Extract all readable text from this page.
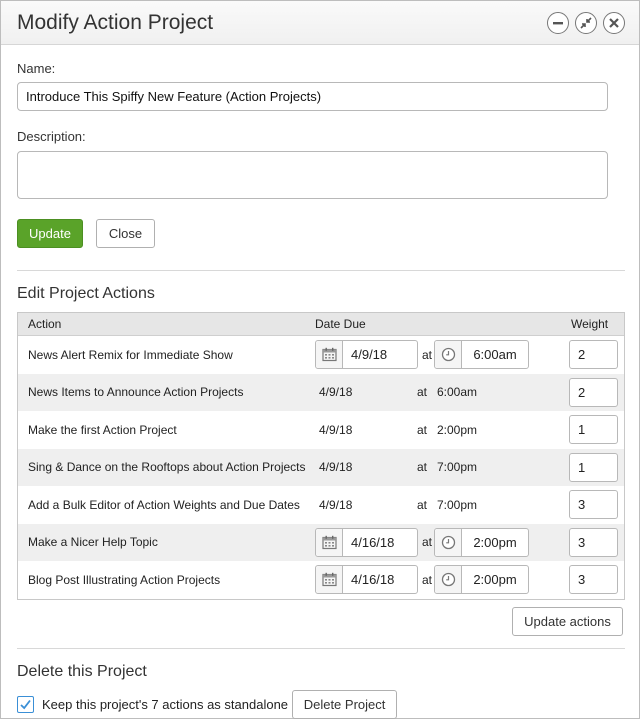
Modify Action Project
Name:
Introduce This Spiffy New Feature (Action Projects)
Description:
Update	Close
Edit Project Actions
Action	Date Due	Weight
News Alert Remix for Immediate Show	4/9/18	at	6:00am	2
News Items to Announce Action Projects	4/9/18	at 6:00am	2
Make the first Action Project	4/9/18	at 2:00pm	1
Sing & Dance on the Rooftops about Action Projects	4/9/18	at 7:00pm	1
Add a Bulk Editor of Action Weights and Due Dates	4/9/18	at 7:00pm	3
Make a Nicer Help Topic	4/16/18	at	2:00pm	3
Blog Post Illustrating Action Projects	4/16/18	at	2:00pm	3
Update actions
Delete this Project
Keep this project's 7 actions as standalone	Delete Project
